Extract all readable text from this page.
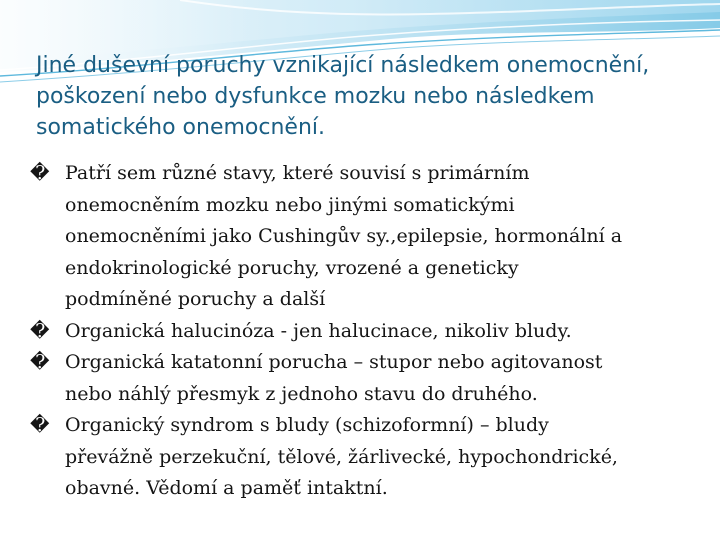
Jiné duševní poruchy vznikající následkem onemocnění,
poškození nebo dysfunkce mozku nebo následkem
somatického onemocnění.
� Patří sem různé stavy, které souvisí s primárním
onemocněním mozku nebo jinými somatickými
onemocněními jako Cushingův sy.,epilepsie, hormonální a
endokrinologické poruchy, vrozené a geneticky
podmíněné poruchy a další
� Organická halucinóza - jen halucinace, nikoliv bludy.
� Organická katatonní porucha – stupor nebo agitovanost
nebo náhlý přesmyk z jednoho stavu do druhého.
� Organický syndrom s bludy (schizoformní) – bludy
převážně perzekuční, tělové, žárlivecké, hypochondrické,
obavné. Vědomí a paměť intaktní.
